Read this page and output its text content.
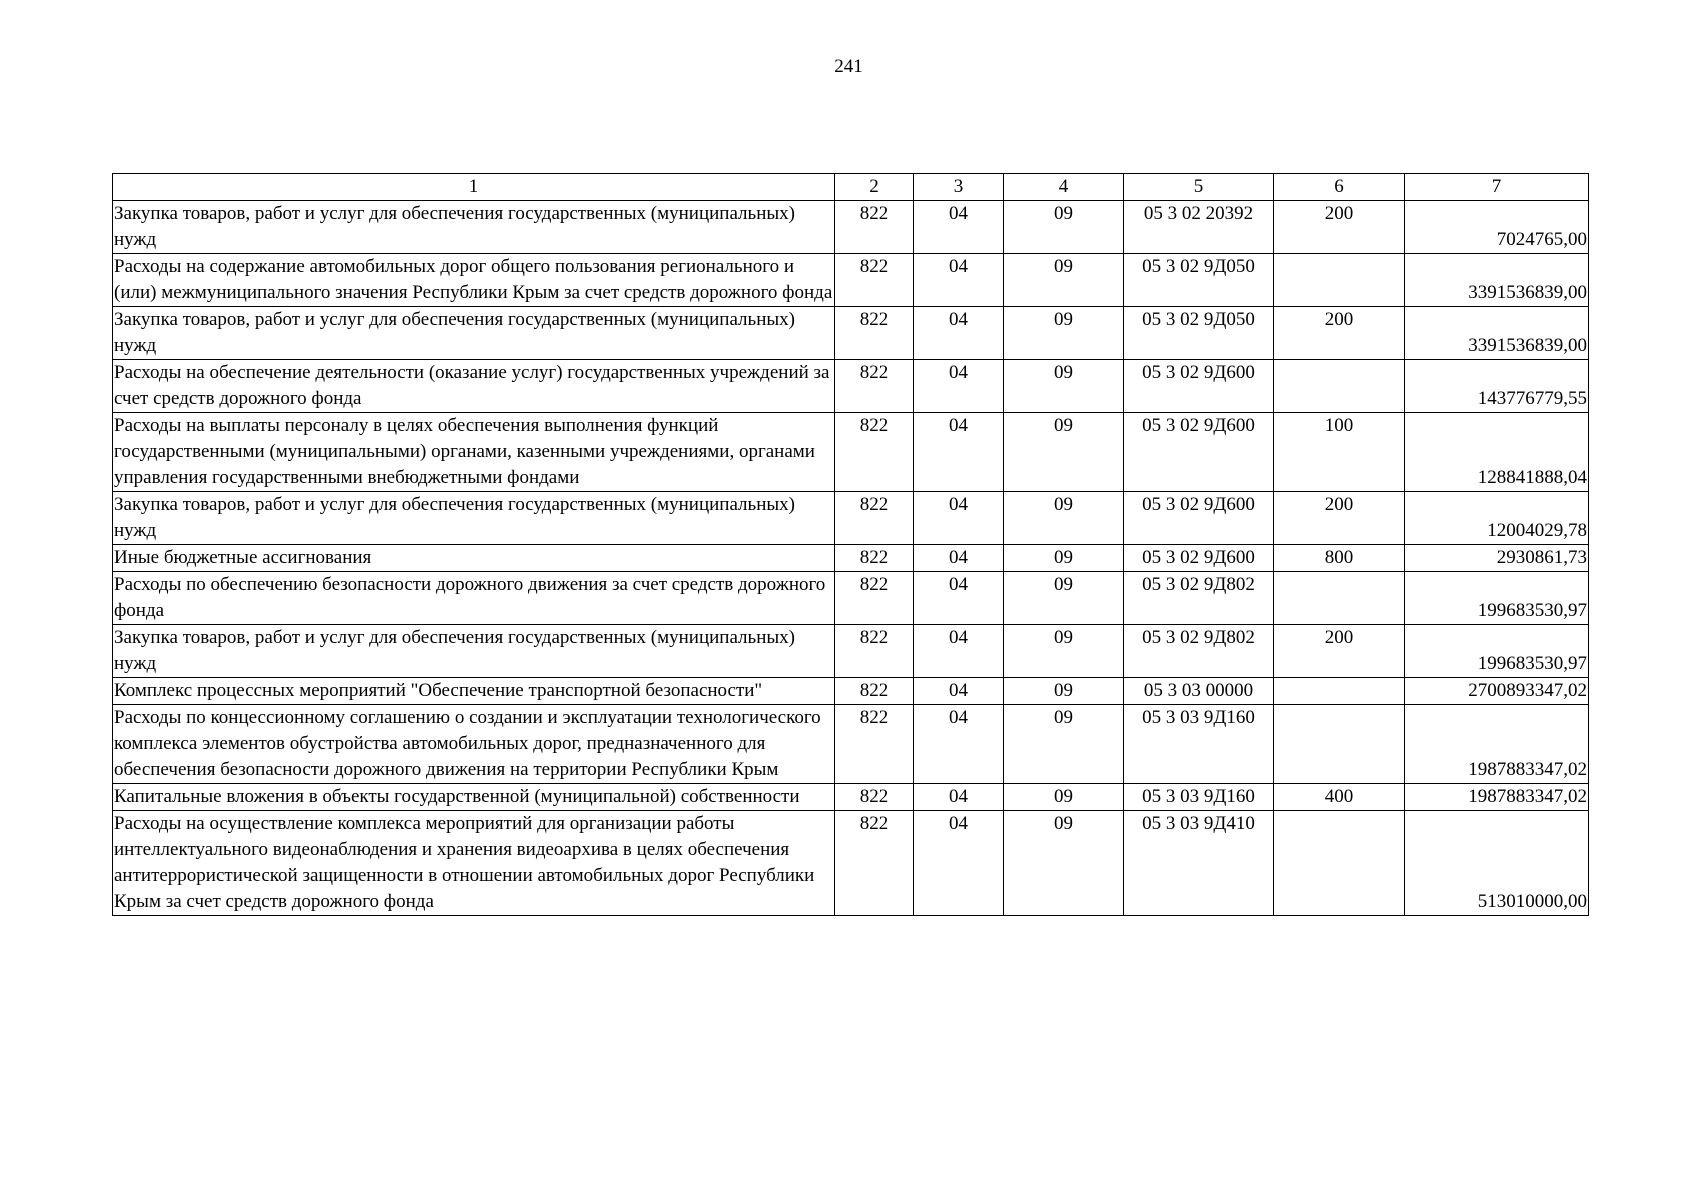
241
1	2	3	4	5	6	7
Закупка товаров, работ и услуг для обеспечения государственных (муниципальных) нужд	822	04	09	05 3 02 20392	200	7024765,00
Расходы на содержание автомобильных дорог общего пользования регионального и (или) межмуниципального значения Республики Крым за счет средств дорожного фонда	822	04	09	05 3 02 9Д050		3391536839,00
Закупка товаров, работ и услуг для обеспечения государственных (муниципальных) нужд	822	04	09	05 3 02 9Д050	200	3391536839,00
Расходы на обеспечение деятельности (оказание услуг) государственных учреждений за счет средств дорожного фонда	822	04	09	05 3 02 9Д600		143776779,55
Расходы на выплаты персоналу в целях обеспечения выполнения функций государственными (муниципальными) органами, казенными учреждениями, органами управления государственными внебюджетными фондами	822	04	09	05 3 02 9Д600	100	128841888,04
Закупка товаров, работ и услуг для обеспечения государственных (муниципальных) нужд	822	04	09	05 3 02 9Д600	200	12004029,78
Иные бюджетные ассигнования	822	04	09	05 3 02 9Д600	800	2930861,73
Расходы по обеспечению безопасности дорожного движения за счет средств дорожного фонда	822	04	09	05 3 02 9Д802		199683530,97
Закупка товаров, работ и услуг для обеспечения государственных (муниципальных) нужд	822	04	09	05 3 02 9Д802	200	199683530,97
Комплекс процессных мероприятий "Обеспечение транспортной безопасности"	822	04	09	05 3 03 00000		2700893347,02
Расходы по концессионному соглашению о создании и эксплуатации технологического комплекса элементов обустройства автомобильных дорог, предназначенного для обеспечения безопасности дорожного движения на территории Республики Крым	822	04	09	05 3 03 9Д160		1987883347,02
Капитальные вложения в объекты государственной (муниципальной) собственности	822	04	09	05 3 03 9Д160	400	1987883347,02
Расходы на осуществление комплекса мероприятий для организации работы интеллектуального видеонаблюдения и хранения видеоархива в целях обеспечения антитеррористической защищенности в отношении автомобильных дорог Республики Крым за счет средств дорожного фонда	822	04	09	05 3 03 9Д410		513010000,00
